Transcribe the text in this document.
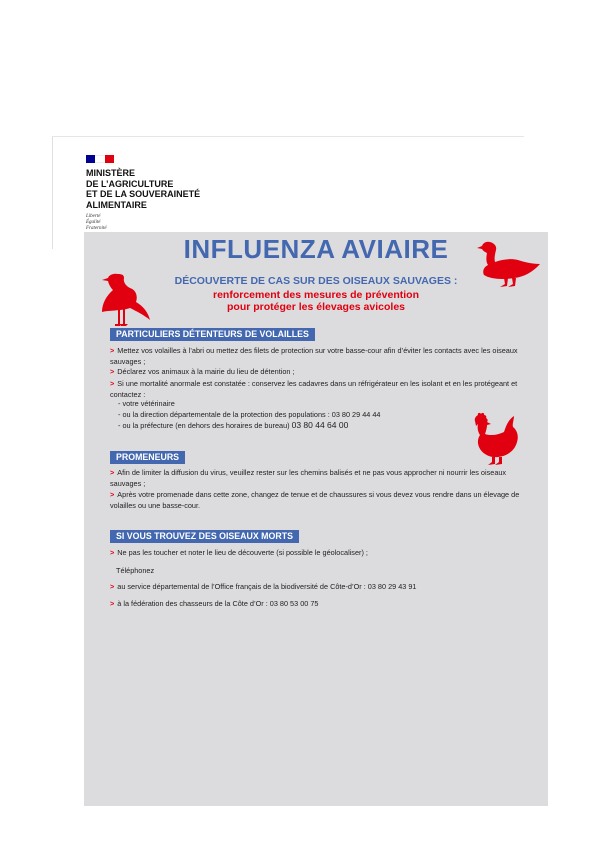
MINISTÈRE
DE L’AGRICULTURE
ET DE LA SOUVERAINETÉ
ALIMENTAIRE
Liberté
Égalité
Fraternité
INFLUENZA AVIAIRE
DÉCOUVERTE DE CAS SUR DES OISEAUX SAUVAGES :
renforcement des mesures de prévention
pour protéger les élevages avicoles
PARTICULIERS DÉTENTEURS DE VOLAILLES
> Mettez vos volailles à l’abri ou mettez des filets de protection sur votre basse-cour afin d’éviter les contacts avec les oiseaux sauvages ;
> Déclarez vos animaux à la mairie du lieu de détention ;
> Si une mortalité anormale est constatée : conservez les cadavres dans un réfrigérateur en les isolant et en les protégeant et contactez :
- votre vétérinaire
- ou la direction départementale de la protection des populations : 03 80 29 44 44
- ou la préfecture (en dehors des horaires de bureau) 03 80 44 64 00
PROMENEURS
> Afin de limiter la diffusion du virus, veuillez rester sur les chemins balisés et ne pas vous approcher ni nourrir les oiseaux sauvages ;
> Après votre promenade dans cette zone, changez de tenue et de chaussures si vous devez vous rendre dans un élevage de volailles ou une basse-cour.
SI VOUS TROUVEZ DES OISEAUX MORTS
> Ne pas les toucher et noter le lieu de découverte (si possible le géolocaliser) ;
Téléphonez
> au service départemental de l’Office français de la biodiversité de Côte-d’Or : 03 80 29 43 91
> à la fédération des chasseurs de la Côte d’Or : 03 80 53 00 75
